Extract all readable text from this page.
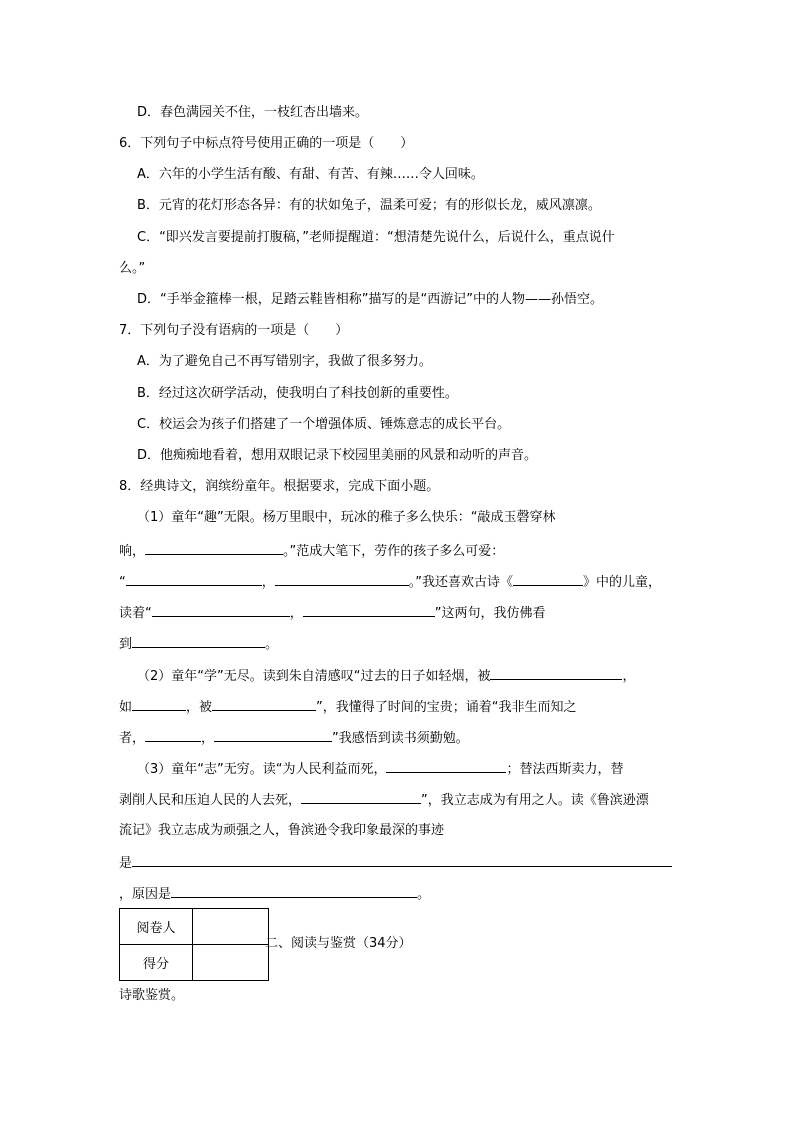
D．春色满园关不住，一枝红杏出墙来。
6．下列句子中标点符号使用正确的一项是（　　）
A．六年的小学生活有酸、有甜、有苦、有辣……令人回味。
B．元宵的花灯形态各异：有的状如兔子，温柔可爱；有的形似长龙，威风凛凛。
C．“即兴发言要提前打腹稿，”老师提醒道：“想清楚先说什么，后说什么，重点说什
么。”
D．“手举金箍棒一根，足踏云鞋皆相称”描写的是“西游记”中的人物——孙悟空。
7．下列句子没有语病的一项是（　　）
A．为了避免自己不再写错别字，我做了很多努力。
B．经过这次研学活动，使我明白了科技创新的重要性。
C．校运会为孩子们搭建了一个增强体质、锤炼意志的成长平台。
D．他痴痴地看着，想用双眼记录下校园里美丽的风景和动听的声音。
8．经典诗文，润缤纷童年。根据要求，完成下面小题。
（1）童年“趣”无限。杨万里眼中，玩冰的稚子多么快乐：“敲成玉磬穿林
响，	。”范成大笔下，劳作的孩子多么可爱：
“	，	。”我还喜欢古诗《	》中的儿童，
读着“	，	”这两句，我仿佛看
到	。
（2）童年“学”无尽。读到朱自清感叹“过去的日子如轻烟，被	，
如	，被	”，我懂得了时间的宝贵；诵着“我非生而知之
者，	，	”我感悟到读书须勤勉。
（3）童年“志”无穷。读“为人民利益而死，	；替法西斯卖力，替
剥削人民和压迫人民的人去死，	”，我立志成为有用之人。读《鲁滨逊漂
流记》我立志成为顽强之人，鲁滨逊令我印象最深的事迹
是
，原因是	。
阅卷人	
得分	
二、阅读与鉴赏（34分）
诗歌鉴赏。
